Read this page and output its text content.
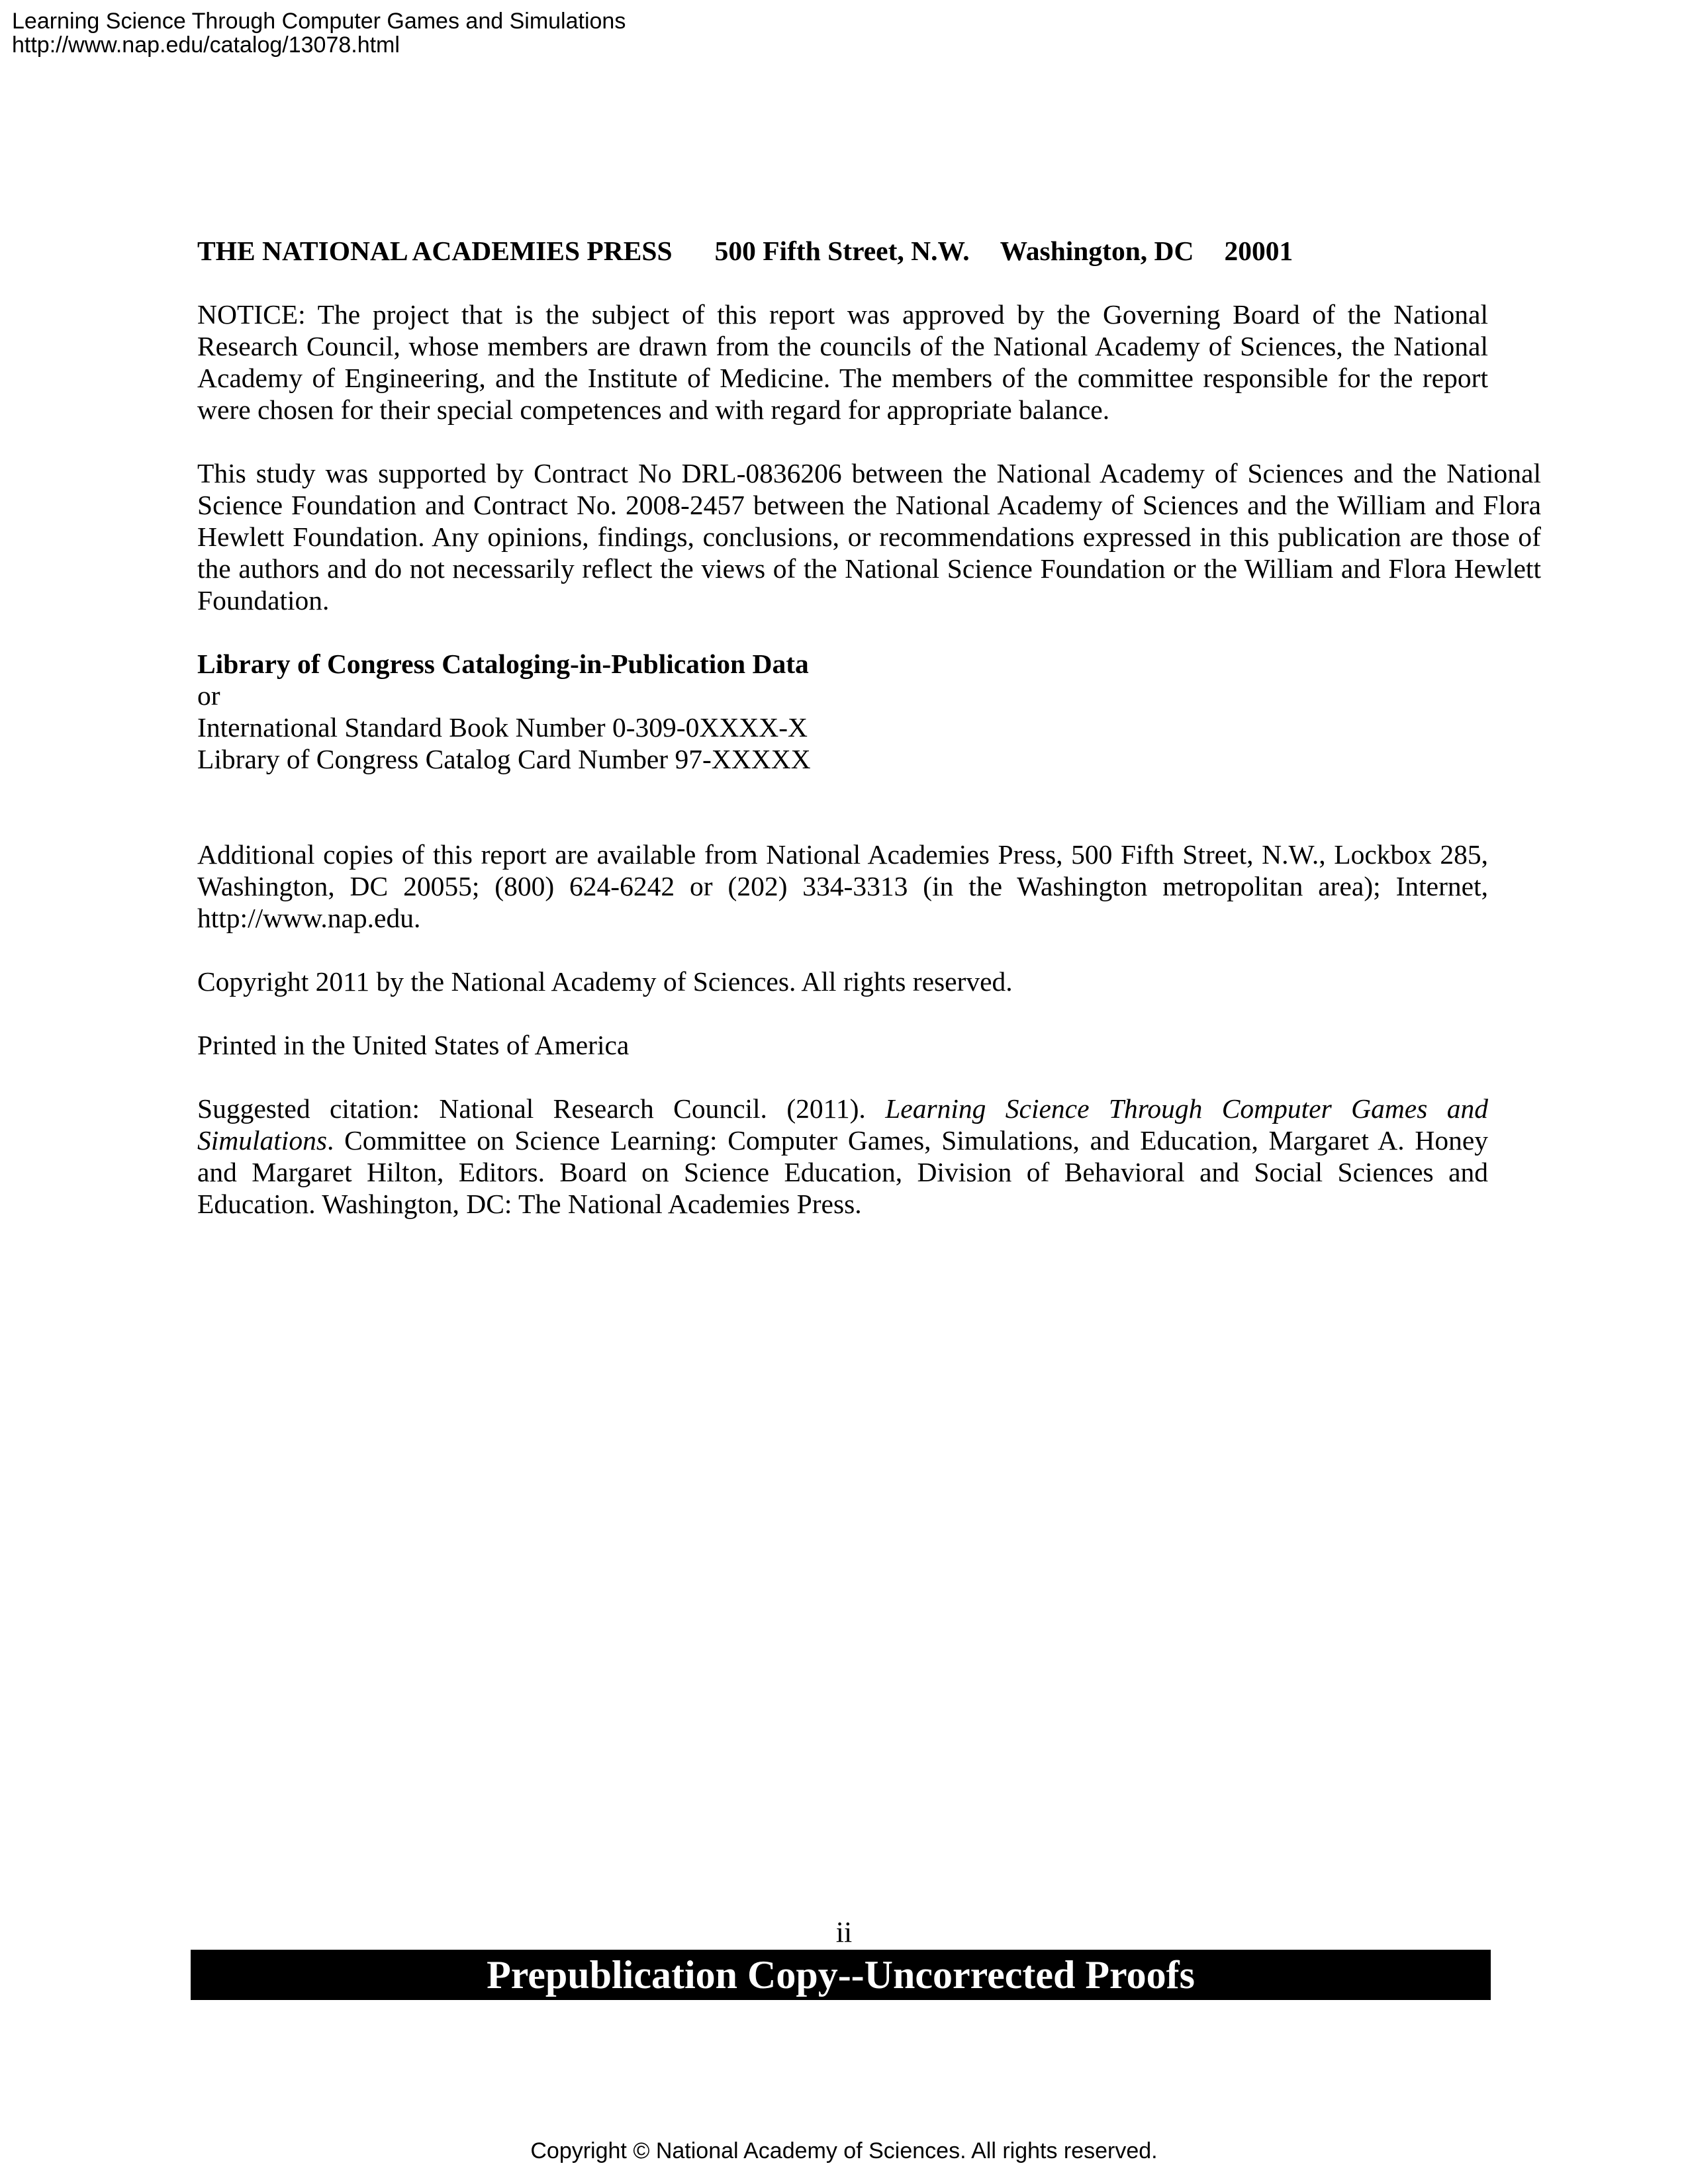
Learning Science Through Computer Games and Simulations
http://www.nap.edu/catalog/13078.html
THE NATIONAL ACADEMIES PRESS 500 Fifth Street, N.W. Washington, DC 20001

NOTICE: The project that is the subject of this report was approved by the Governing Board of the National Research Council, whose members are drawn from the councils of the National Academy of Sciences, the National Academy of Engineering, and the Institute of Medicine. The members of the committee responsible for the report were chosen for their special competences and with regard for appropriate balance.

This study was supported by Contract No DRL-0836206 between the National Academy of Sciences and the National Science Foundation and Contract No. 2008-2457 between the National Academy of Sciences and the William and Flora Hewlett Foundation. Any opinions, findings, conclusions, or recommendations expressed in this publication are those of the authors and do not necessarily reflect the views of the National Science Foundation or the William and Flora Hewlett Foundation.

Library of Congress Cataloging-in-Publication Data
or
International Standard Book Number 0-309-0XXXX-X
Library of Congress Catalog Card Number 97-XXXXX

Additional copies of this report are available from National Academies Press, 500 Fifth Street, N.W., Lockbox 285, Washington, DC 20055; (800) 624-6242 or (202) 334-3313 (in the Washington metropolitan area); Internet, http://www.nap.edu.

Copyright 2011 by the National Academy of Sciences. All rights reserved.

Printed in the United States of America

Suggested citation: National Research Council. (2011). Learning Science Through Computer Games and Simulations. Committee on Science Learning: Computer Games, Simulations, and Education, Margaret A. Honey and Margaret Hilton, Editors. Board on Science Education, Division of Behavioral and Social Sciences and Education. Washington, DC: The National Academies Press.

ii
Prepublication Copy--Uncorrected Proofs
Copyright © National Academy of Sciences. All rights reserved.
